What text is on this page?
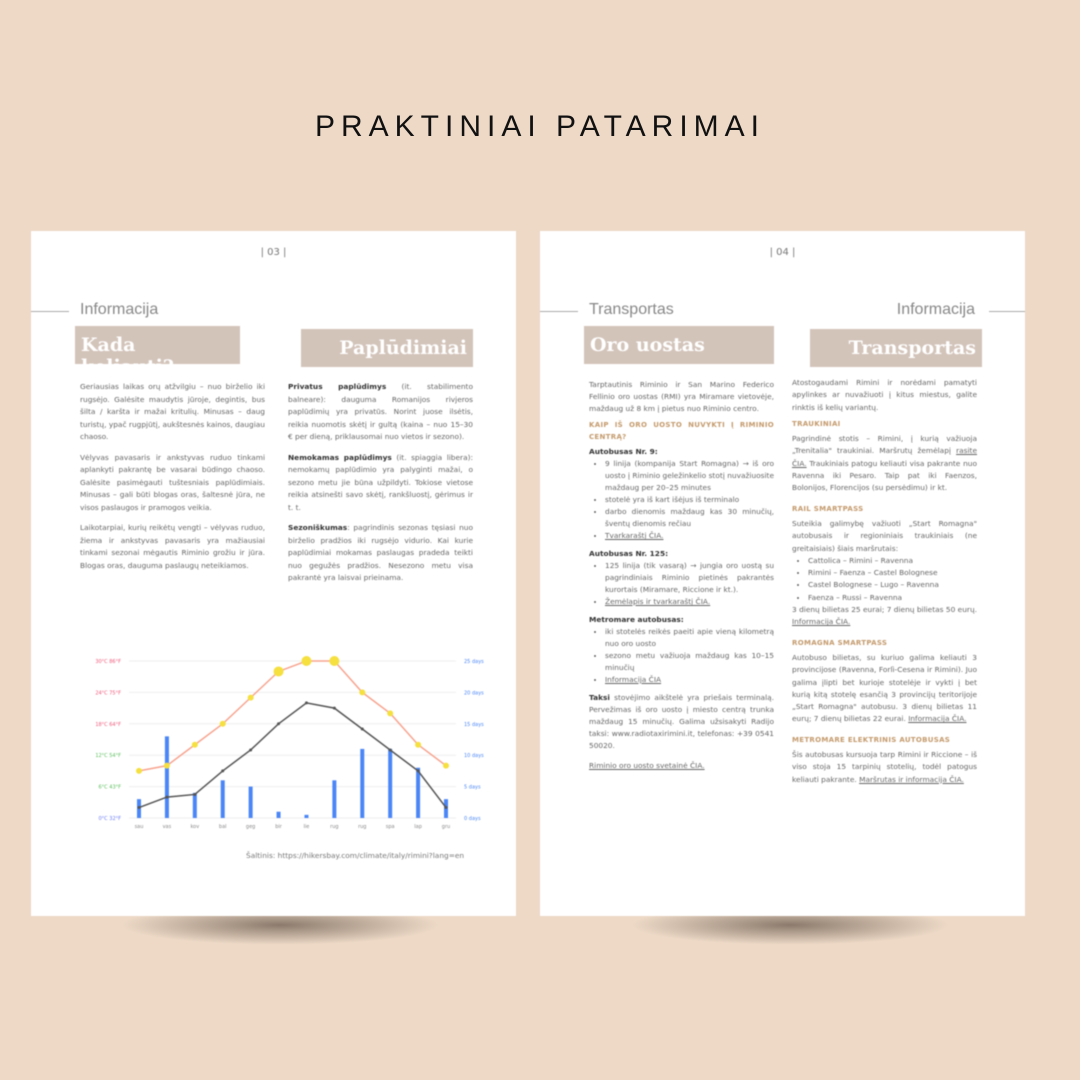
PRAKTINIAI PATARIMAI
| 03 |
Informacija
Kada keliauti?
Paplūdimiai

Geriausias laikas orų atžvilgiu – nuo birželio iki rugsėjo. Galėsite maudytis jūroje, degintis, bus šilta / karšta ir mažai kritulių. Minusas – daug turistų, ypač rugpjūtį, aukštesnės kainos, daugiau chaoso.

Vėlyvas pavasaris ir ankstyvas ruduo tinkami aplankyti pakrantę be vasarai būdingo chaoso. Galėsite pasimėgauti tuštesniais paplūdimiais. Minusas – gali būti blogas oras, šaltesnė jūra, ne visos paslaugos ir pramogos veikia.

Laikotarpiai, kurių reikėtų vengti – vėlyvas ruduo, žiema ir ankstyvas pavasaris yra mažiausiai tinkami sezonai mėgautis Riminio grožiu ir jūra. Blogas oras, dauguma paslaugų neteikiamos.

Privatus paplūdimys (it. stabilimento balneare): dauguma Romanijos rivjeros paplūdimių yra privatūs. Norint juose ilsėtis, reikia nuomotis skėtį ir gultą (kaina – nuo 15–30 € per dieną, priklausomai nuo vietos ir sezono).

Nemokamas paplūdimys (it. spiaggia libera): nemokamų paplūdimio yra palyginti mažai, o sezono metu jie būna užpildyti. Tokiose vietose reikia atsinešti savo skėtį, rankšluostį, gėrimus ir t. t.

Sezoniškumas: pagrindinis sezonas tęsiasi nuo birželio pradžios iki rugsėjo vidurio. Kai kurie paplūdimiai mokamas paslaugas pradeda teikti nuo gegužės pradžios. Nesezono metu visa pakrantė yra laisvai prieinama.

0°C 32°F	0 days
6°C 43°F	5 days
12°C 54°F	10 days
18°C 64°F	15 days
24°C 75°F	20 days
30°C 86°F	25 days
sau	vas	kov	bal	geg	bir	lie	rug	rug	spa	lap	gru
Šaltinis: https://hikersbay.com/climate/italy/rimini?lang=en
| 04 |
Transportas	Informacija
Oro uostas	Transportas

Tarptautinis Riminio ir San Marino Federico Fellinio oro uostas (RMI) yra Miramare vietovėje, maždaug už 8 km į pietus nuo Riminio centro.

KAIP IŠ ORO UOSTO NUVYKTI Į RIMINIO CENTRĄ?
Autobusas Nr. 9:
• 9 linija (kompanija Start Romagna) → iš oro uosto į Riminio geležinkelio stotį nuvažiuosite maždaug per 20–25 minutes
• stotelė yra iš kart išėjus iš terminalo
• darbo dienomis maždaug kas 30 minučių, šventų dienomis rečiau
• Tvarkaraštį ČIA.
Autobusas Nr. 125:
• 125 linija (tik vasarą) → jungia oro uostą su pagrindiniais Riminio pietinės pakrantės kurortais (Miramare, Riccione ir kt.).
• Žemėlapis ir tvarkaraštį ČIA.
Metromare autobusas:
• iki stotelės reikės paeiti apie vieną kilometrą nuo oro uosto
• sezono metu važiuoja maždaug kas 10–15 minučių
• Informacija ČIA

Taksi stovėjimo aikštelė yra priešais terminalą. Pervežimas iš oro uosto į miesto centrą trunka maždaug 15 minučių. Galima užsisakyti Radijo taksi: www.radiotaxirimini.it, telefonas: +39 0541 50020.

Riminio oro uosto svetainė ČIA.

Atostogaudami Rimini ir norėdami pamatyti apylinkes ar nuvažiuoti į kitus miestus, galite rinktis iš kelių variantų.

TRAUKINIAI

Pagrindinė stotis – Rimini, į kurią važiuoja „Trenitalia" traukiniai. Maršrutų žemėlapį rasite ČIA. Traukiniais patogu keliauti visa pakrante nuo Ravenna iki Pesaro. Taip pat iki Faenzos, Bolonijos, Florencijos (su persėdimu) ir kt.

RAIL SMARTPASS

Suteikia galimybę važiuoti „Start Romagna" autobusais ir regioniniais traukiniais (ne greitaisiais) šiais maršrutais:

• Cattolica – Rimini – Ravenna
• Rimini – Faenza – Castel Bolognese
• Castel Bolognese – Lugo – Ravenna
• Faenza – Russi – Ravenna

3 dienų bilietas 25 eurai; 7 dienų bilietas 50 eurų. Informacija ČIA.

ROMAGNA SMARTPASS

Autobuso bilietas, su kuriuo galima keliauti 3 provincijose (Ravenna, Forlì-Cesena ir Rimini). Juo galima įlipti bet kurioje stotelėje ir vykti į bet kurią kitą stotelę esančią 3 provincijų teritorijoje „Start Romagna" autobusu. 3 dienų bilietas 11 eurų; 7 dienų bilietas 22 eurai. Informacija ČIA.

METROMARE ELEKTRINIS AUTOBUSAS

Šis autobusas kursuoja tarp Rimini ir Riccione – iš viso stoja 15 tarpinių stotelių, todėl patogus keliauti pakrante. Maršrutas ir informacija ČIA.
